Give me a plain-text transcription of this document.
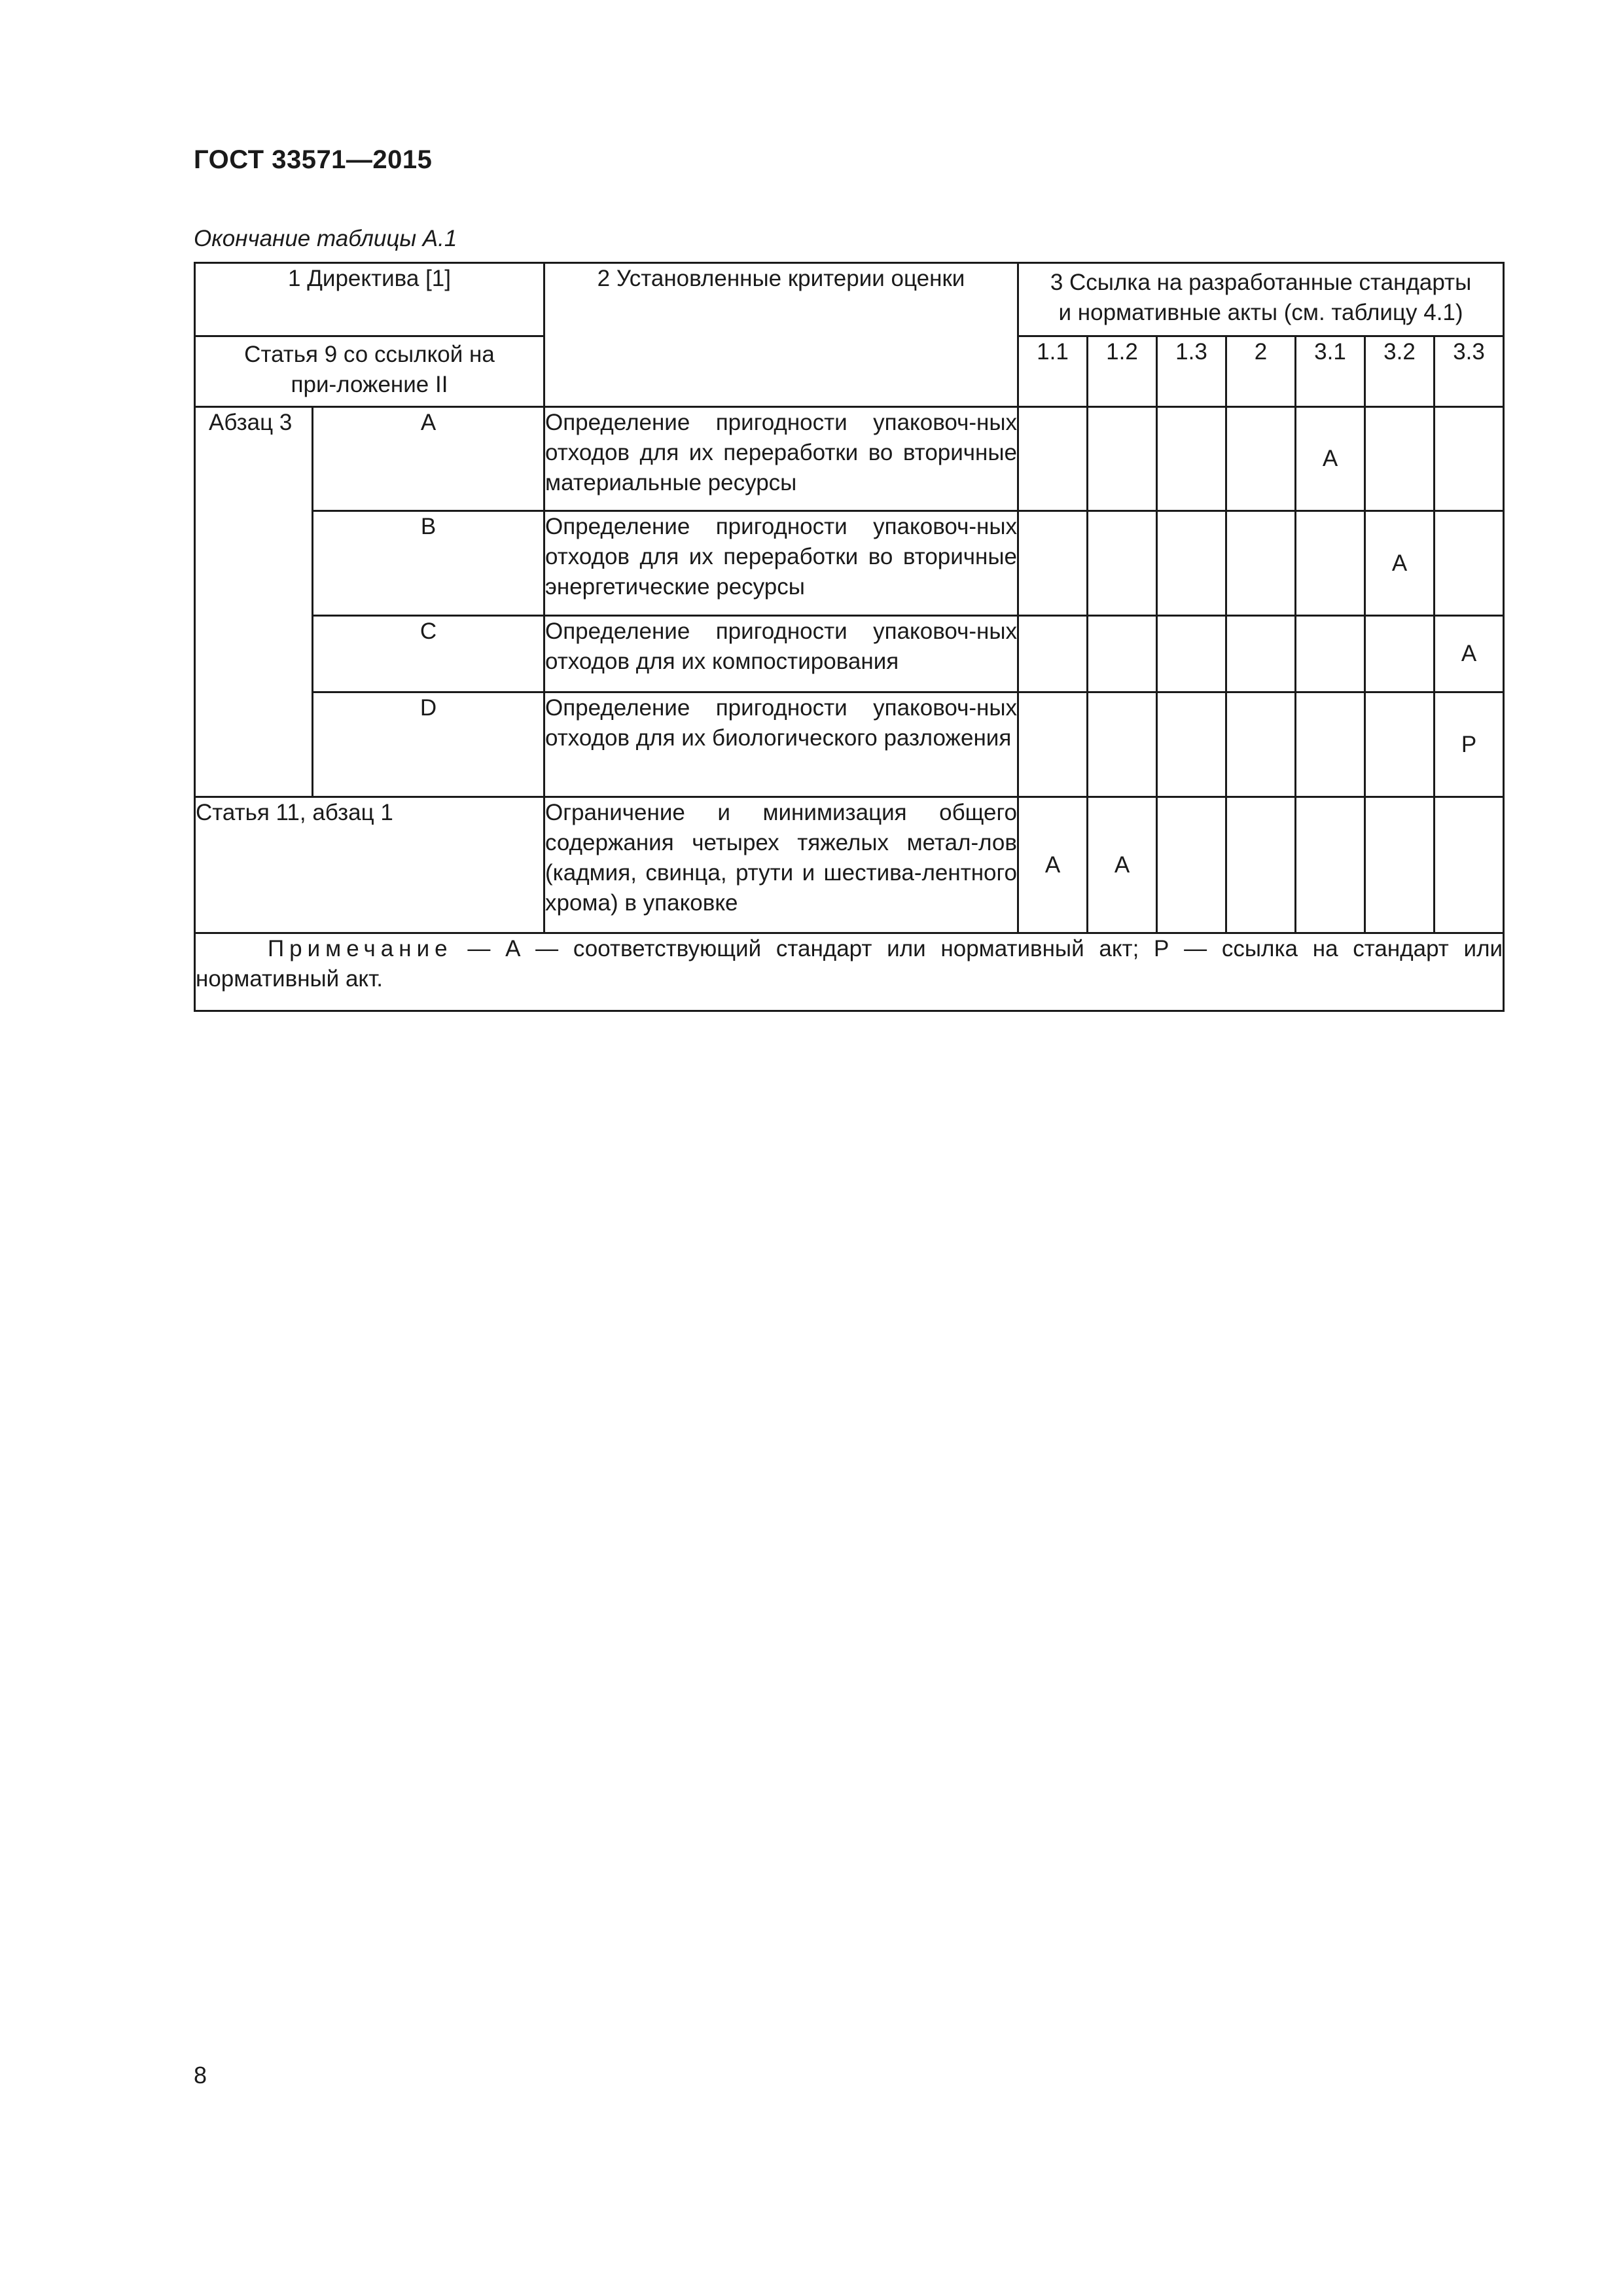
ГОСТ 33571—2015
Окончание таблицы А.1
1 Директива [1]		2 Установленные критерии оценки	3 Ссылка на разработанные стандарты и нормативные акты (см. таблицу 4.1)						
Статья 9 со ссылкой на при-ложение II			1.1	1.2	1.3	2	3.1	3.2	3.3
Абзац 3	A	Определение пригодности упаковоч-ных отходов для их переработки во вторичные материальные ресурсы					А		
	B	Определение пригодности упаковоч-ных отходов для их переработки во вторичные энергетические ресурсы						А	
	C	Определение пригодности упаковоч-ных отходов для их компостирования							А
	D	Определение пригодности упаковоч-ных отходов для их биологического разложения							Р
Статья 11, абзац 1		Ограничение и минимизация общего содержания четырех тяжелых метал-лов (кадмия, свинца, ртути и шестива-лентного хрома) в упаковке	А	А					
Примечание — А — соответствующий стандарт или нормативный акт; Р — ссылка на стандарт или нормативный акт.									
8
